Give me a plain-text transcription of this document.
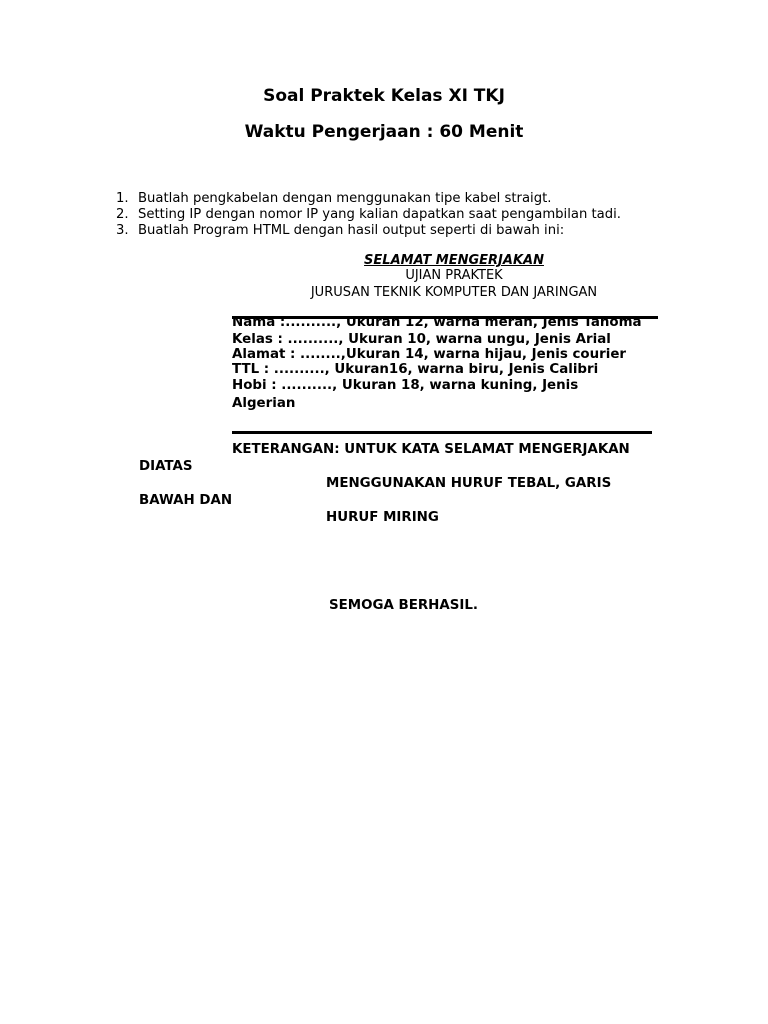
Soal Praktek Kelas XI TKJ
Waktu Pengerjaan : 60 Menit
1. Buatlah pengkabelan dengan menggunakan tipe kabel straigt.
2. Setting IP dengan nomor IP yang kalian dapatkan saat pengambilan tadi.
3. Buatlah Program HTML dengan hasil output seperti di bawah ini:
SELAMAT MENGERJAKAN
UJIAN PRAKTEK
JURUSAN TEKNIK KOMPUTER DAN JARINGAN
Nama :.........., Ukuran 12, warna merah, Jenis Tahoma
Kelas : .........., Ukuran 10, warna ungu, Jenis Arial
Alamat : ........,Ukuran 14, warna hijau, Jenis courier
TTL : .........., Ukuran16, warna biru, Jenis Calibri
Hobi : .........., Ukuran 18, warna kuning, Jenis
Algerian
KETERANGAN: UNTUK KATA SELAMAT MENGERJAKAN
DIATAS
MENGGUNAKAN HURUF TEBAL, GARIS
BAWAH DAN
HURUF MIRING
SEMOGA BERHASIL.
